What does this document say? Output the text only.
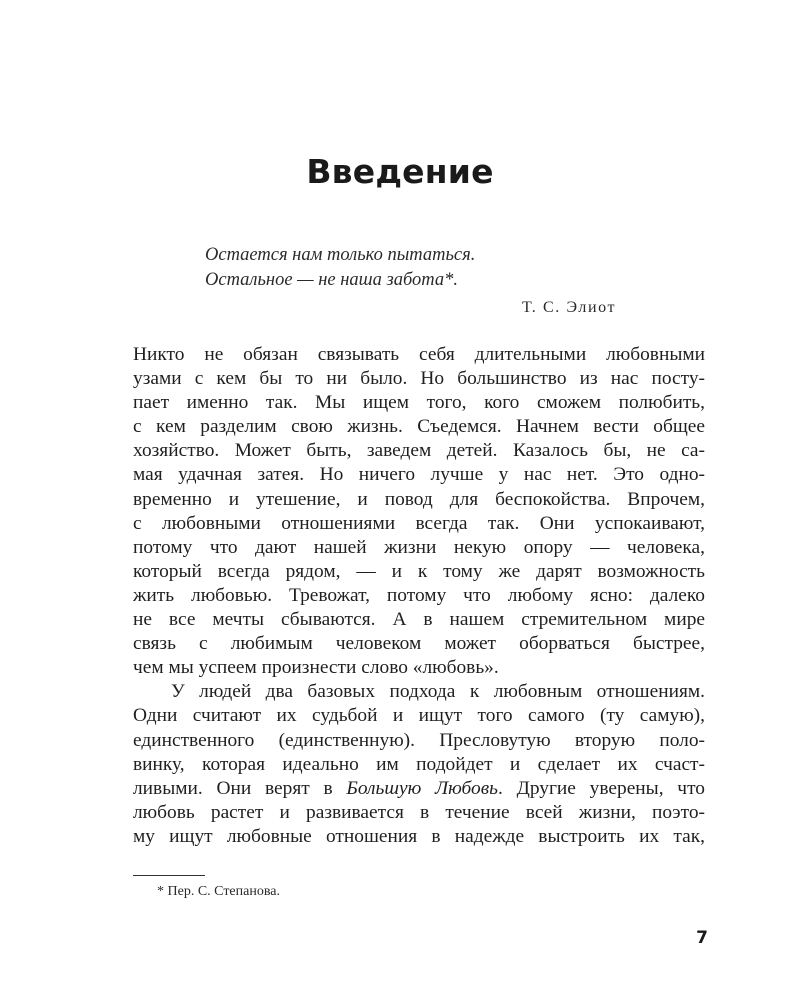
Введение
Остается нам только пытаться.
Остальное — не наша забота*.
Т. С. Элиот
Никто не обязан связывать себя длительными любовными
узами с кем бы то ни было. Но большинство из нас посту-
пает именно так. Мы ищем того, кого сможем полюбить,
с кем разделим свою жизнь. Съедемся. Начнем вести общее
хозяйство. Может быть, заведем детей. Казалось бы, не са-
мая удачная затея. Но ничего лучше у нас нет. Это одно-
временно и утешение, и повод для беспокойства. Впрочем,
с любовными отношениями всегда так. Они успокаивают,
потому что дают нашей жизни некую опору — человека,
который всегда рядом, — и к тому же дарят возможность
жить любовью. Тревожат, потому что любому ясно: далеко
не все мечты сбываются. А в нашем стремительном мире
связь с любимым человеком может оборваться быстрее,
чем мы успеем произнести слово «любовь».
У людей два базовых подхода к любовным отношениям.
Одни считают их судьбой и ищут того самого (ту самую),
единственного (единственную). Пресловутую вторую поло-
винку, которая идеально им подойдет и сделает их счаст-
ливыми. Они верят в Большую Любовь. Другие уверены, что
любовь растет и развивается в течение всей жизни, поэто-
му ищут любовные отношения в надежде выстроить их так,
* Пер. С. Степанова.
7
